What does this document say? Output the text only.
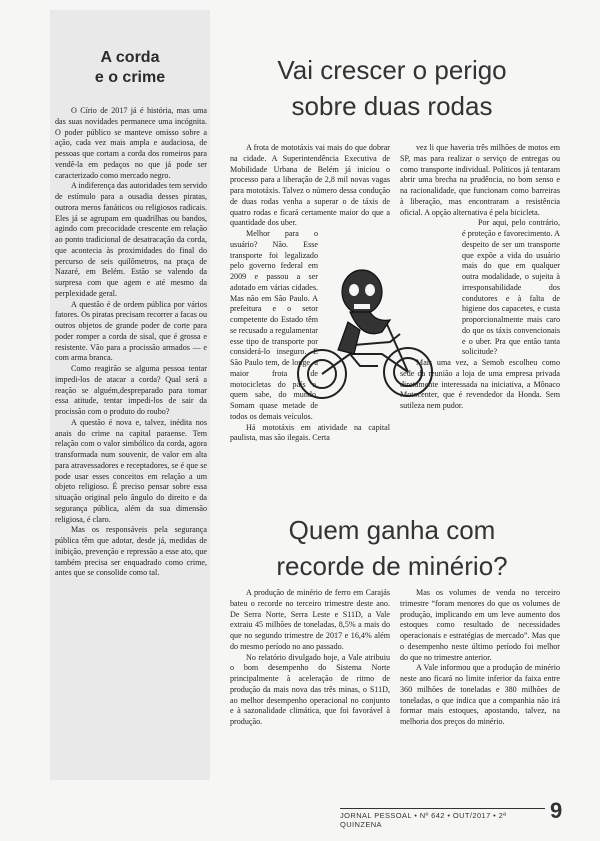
A corda
e o crime

O Círio de 2017 já é história, mas uma das suas novidades permanece uma incógnita. O poder público se manteve omisso sobre a ação, cada vez mais ampla e audaciosa, de pessoas que cortam a corda dos romeiros para vendê-la em pedaços no que já pode ser caracterizado como mercado negro.

A indiferença das autoridades tem servido de estímulo para a ousadia desses piratas, outrora meros fanáticos ou religiosos radicais. Eles já se agrupam em quadrilhas ou bandos, agindo com precocidade crescente em relação ao ponto tradicional de desatracação da corda, que acontecia às proximidades do final do percurso de seis quilômetros, na praça de Nazaré, em Belém. Estão se valendo da surpresa com que agem e até mesmo da perplexidade geral.

A questão é de ordem pública por vários fatores. Os piratas precisam recorrer a facas ou outros objetos de grande poder de corte para poder romper a corda de sisal, que é grossa e resistente. Vão para a procissão armados — e com arma branca.

Como reagirão se alguma pessoa tentar impedi-los de atacar a corda? Qual será a reação se alguém,despreparado para tomar essa atitude, tentar impedi-los de sair da procissão com o produto do roubo?

A questão é nova e, talvez, inédita nos anais do crime na capital paraense. Tem relação com o valor simbólico da corda, agora transformada num souvenir, de valor em alta para atravessadores e receptadores, se é que se pode usar esses conceitos em relação a um objeto religioso. É preciso pensar sobre essa situação original pelo ângulo do direito e da segurança pública, além da sua dimensão religiosa, é claro.

Mas os responsáveis pela segurança pública têm que adotar, desde já, medidas de inibição, prevenção e repressão a esse ato, que também precisa ser enquadrado como crime, antes que se consolide como tal.

Vai crescer o perigo
sobre duas rodas

A frota de mototáxis vai mais do que dobrar na cidade. A Superintendência Executiva de Mobilidade Urbana de Belém já iniciou o processo para a liberação de 2,8 mil novas vagas para mototáxis. Talvez o número dessa condução de duas rodas venha a superar o de táxis de quatro rodas e ficará certamente maior do que a quantidade dos uber.

Melhor para o usuário? Não. Esse transporte foi legalizado pelo governo federal em 2009 e passou a ser adotado em várias cidades. Mas não em São Paulo. A prefeitura e o setor competente do Estado têm se recusado a regulamentar esse tipo de transporte por considerá-lo inseguro. E São Paulo tem, de longe, a maior frota de motocicletas do país e, quem sabe, do mundo. Somam quase metade de todos os demais veículos.

Há mototáxis em atividade na capital paulista, mas são ilegais. Certa

vez li que haveria três milhões de motos em SP, mas para realizar o serviço de entregas ou como transporte individual. Políticos já tentaram abrir uma brecha na prudência, no bom senso e na racionalidade, que funcionam como barreiras à liberação, mas encontraram a resistência oficial. A opção alternativa é pela bicicleta.

Por aqui, pelo contrário, é proteção e favorecimento. A despeito de ser um transporte que expõe a vida do usuário mais do que em qualquer outra modalidade, o sujeita à irresponsabilidade dos condutores e à falta de higiene dos capacetes, e custa proporcionalmente mais caro do que os táxis convencionais e o uber. Pra que então tanta solicitude?

Mais uma vez, a Semob escolheu como sede da reunião a loja de uma empresa privada diretamente interessada na iniciativa, a Mônaco Motocenter, que é revendedor da Honda. Sem sutileza nem pudor.

Quem ganha com
recorde de minério?

A produção de minério de ferro em Carajás bateu o recorde no terceiro trimestre deste ano. De Serra Norte, Serra Leste e S11D, a Vale extraiu 45 milhões de toneladas, 8,5% a mais do que no segundo trimestre de 2017 e 16,4% além do mesmo período no ano passado.

No relatório divulgado hoje, a Vale atribuiu o bom desempenho do Sistema Norte principalmente à aceleração de ritmo de produção da mais nova das três minas, o S11D, ao melhor desempenho operacional no conjunto e à sazonalidade climática, que foi favorável à produção.

Mas os volumes de venda no terceiro trimestre “foram menores do que os volumes de produção, implicando em um leve aumento dos estoques como resultado de necessidades operacionais e estratégias de mercado”. Mas que o desempenho neste último período foi melhor do que no trimestre anterior.

A Vale informou que a produção de minério neste ano ficará no limite inferior da faixa entre 360 milhões de toneladas e 380 milhões de toneladas, o que indica que a companhia não irá formar mais estoques, apostando, talvez, na melhoria dos preços do minério.

JORNAL PESSOAL • Nº 642 • OUT/2017 • 2ª QUINZENA
9
